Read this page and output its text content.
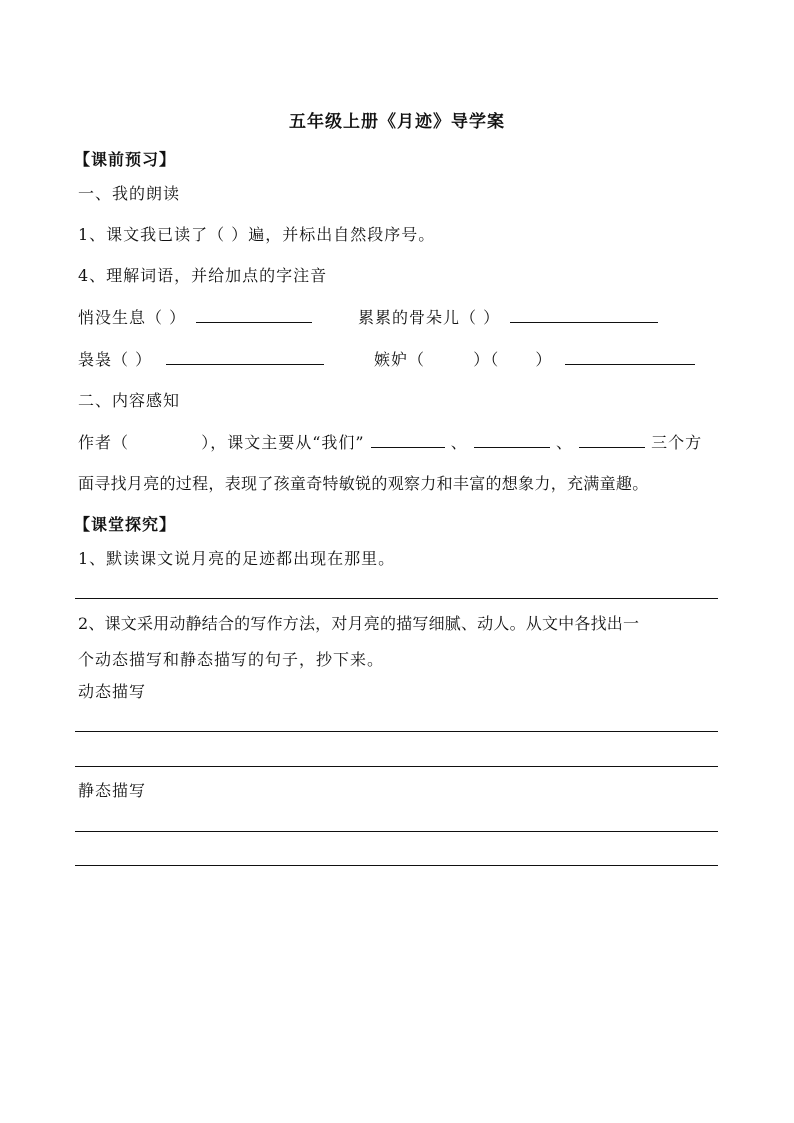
五年级上册《月迹》导学案
【课前预习】
一、我的朗读
1、课文我已读了（ ）遍，并标出自然段序号。
4、理解词语，并给加点的字注音
悄没生息（ ）	累累的骨朵儿（ ）
袅袅（ ）	嫉妒（	）（ ）
二、内容感知
作者（	），课文主要从“我们”	、	、	三个方
面寻找月亮的过程，表现了孩童奇特敏锐的观察力和丰富的想象力，充满童趣。
【课堂探究】
1、默读课文说月亮的足迹都出现在那里。
2、课文采用动静结合的写作方法，对月亮的描写细腻、动人。从文中各找出一
个动态描写和静态描写的句子，抄下来。
动态描写
静态描写
